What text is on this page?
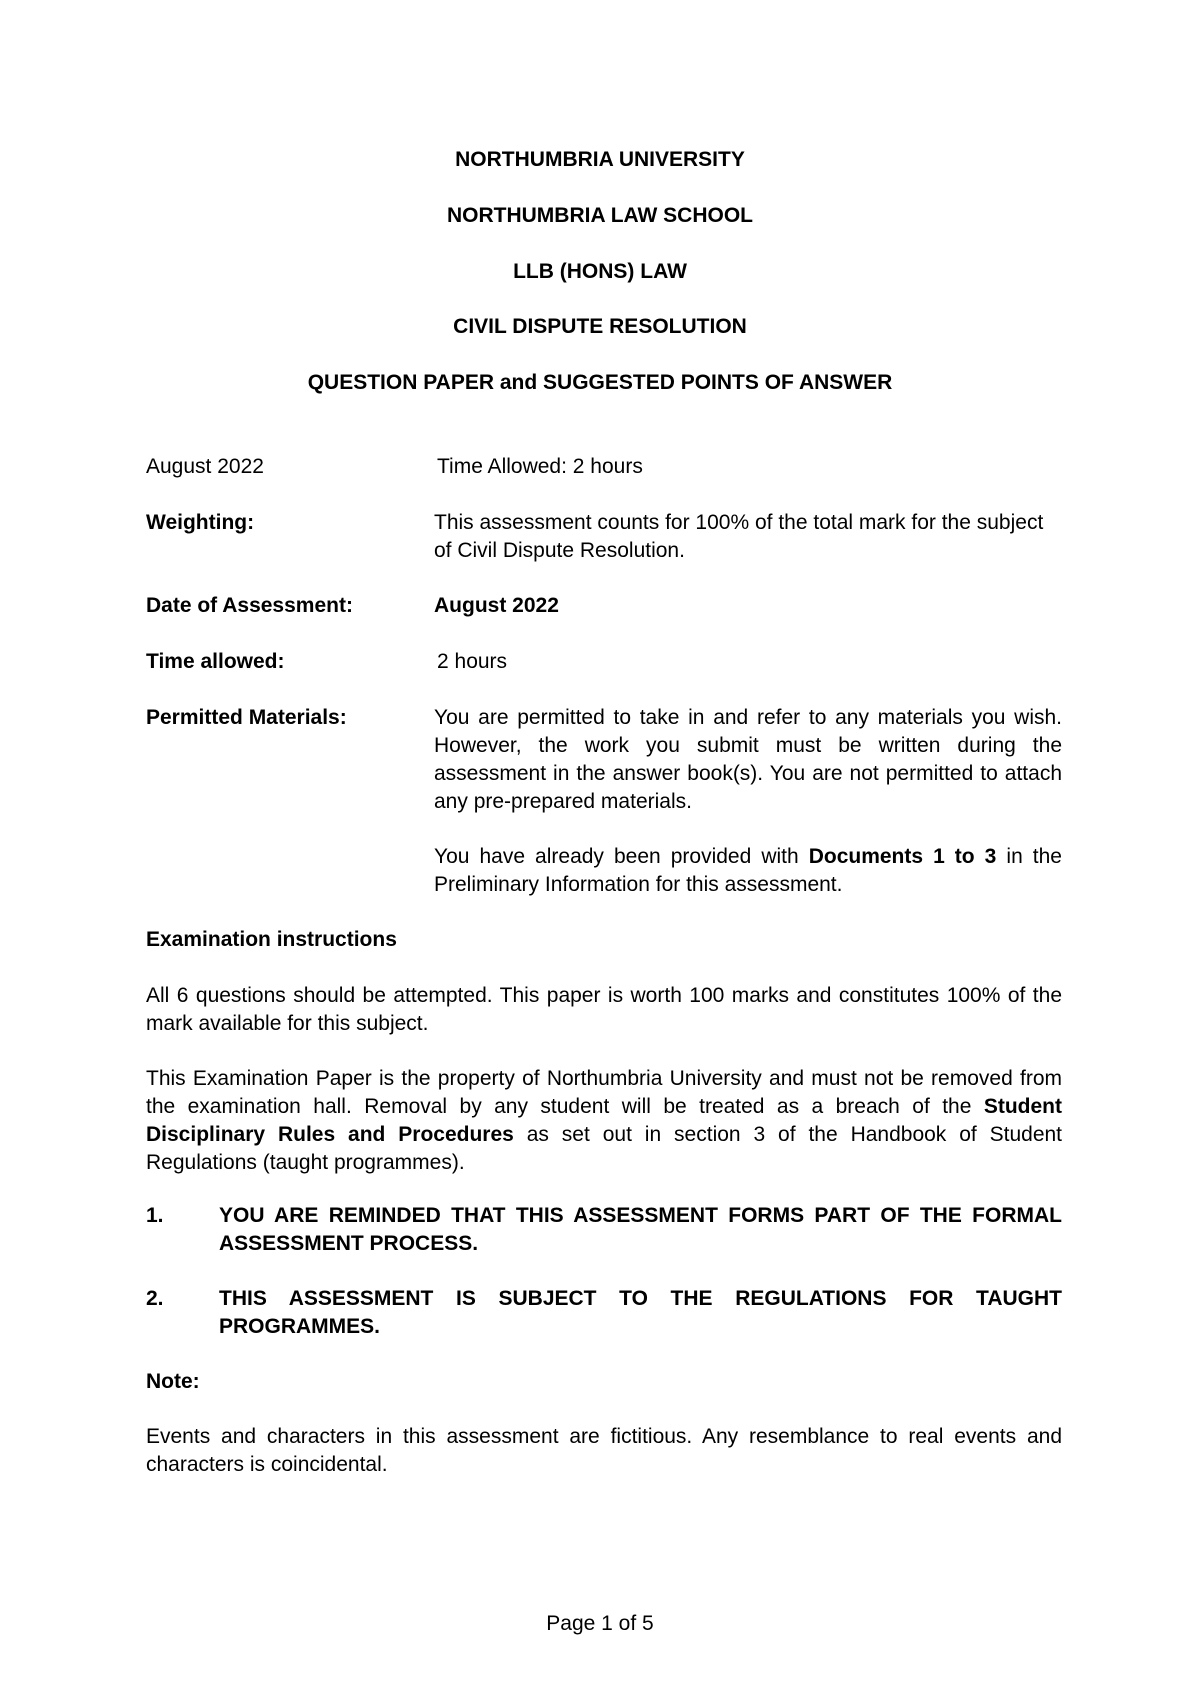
NORTHUMBRIA UNIVERSITY
NORTHUMBRIA LAW SCHOOL
LLB (HONS) LAW
CIVIL DISPUTE RESOLUTION
QUESTION PAPER and SUGGESTED POINTS OF ANSWER
August 2022	Time Allowed: 2 hours
Weighting:	This assessment counts for 100% of the total mark for the subject of Civil Dispute Resolution.
Date of Assessment:	August 2022
Time allowed:	2 hours
Permitted Materials:	You are permitted to take in and refer to any materials you wish. However, the work you submit must be written during the assessment in the answer book(s). You are not permitted to attach any pre-prepared materials.
You have already been provided with Documents 1 to 3 in the Preliminary Information for this assessment.
Examination instructions
All 6 questions should be attempted. This paper is worth 100 marks and constitutes 100% of the mark available for this subject.
This Examination Paper is the property of Northumbria University and must not be removed from the examination hall. Removal by any student will be treated as a breach of the Student Disciplinary Rules and Procedures as set out in section 3 of the Handbook of Student Regulations (taught programmes).
1.	YOU ARE REMINDED THAT THIS ASSESSMENT FORMS PART OF THE FORMAL ASSESSMENT PROCESS.
2.	THIS ASSESSMENT IS SUBJECT TO THE REGULATIONS FOR TAUGHT PROGRAMMES.
Note:
Events and characters in this assessment are fictitious. Any resemblance to real events and characters is coincidental.
Page 1 of 5
